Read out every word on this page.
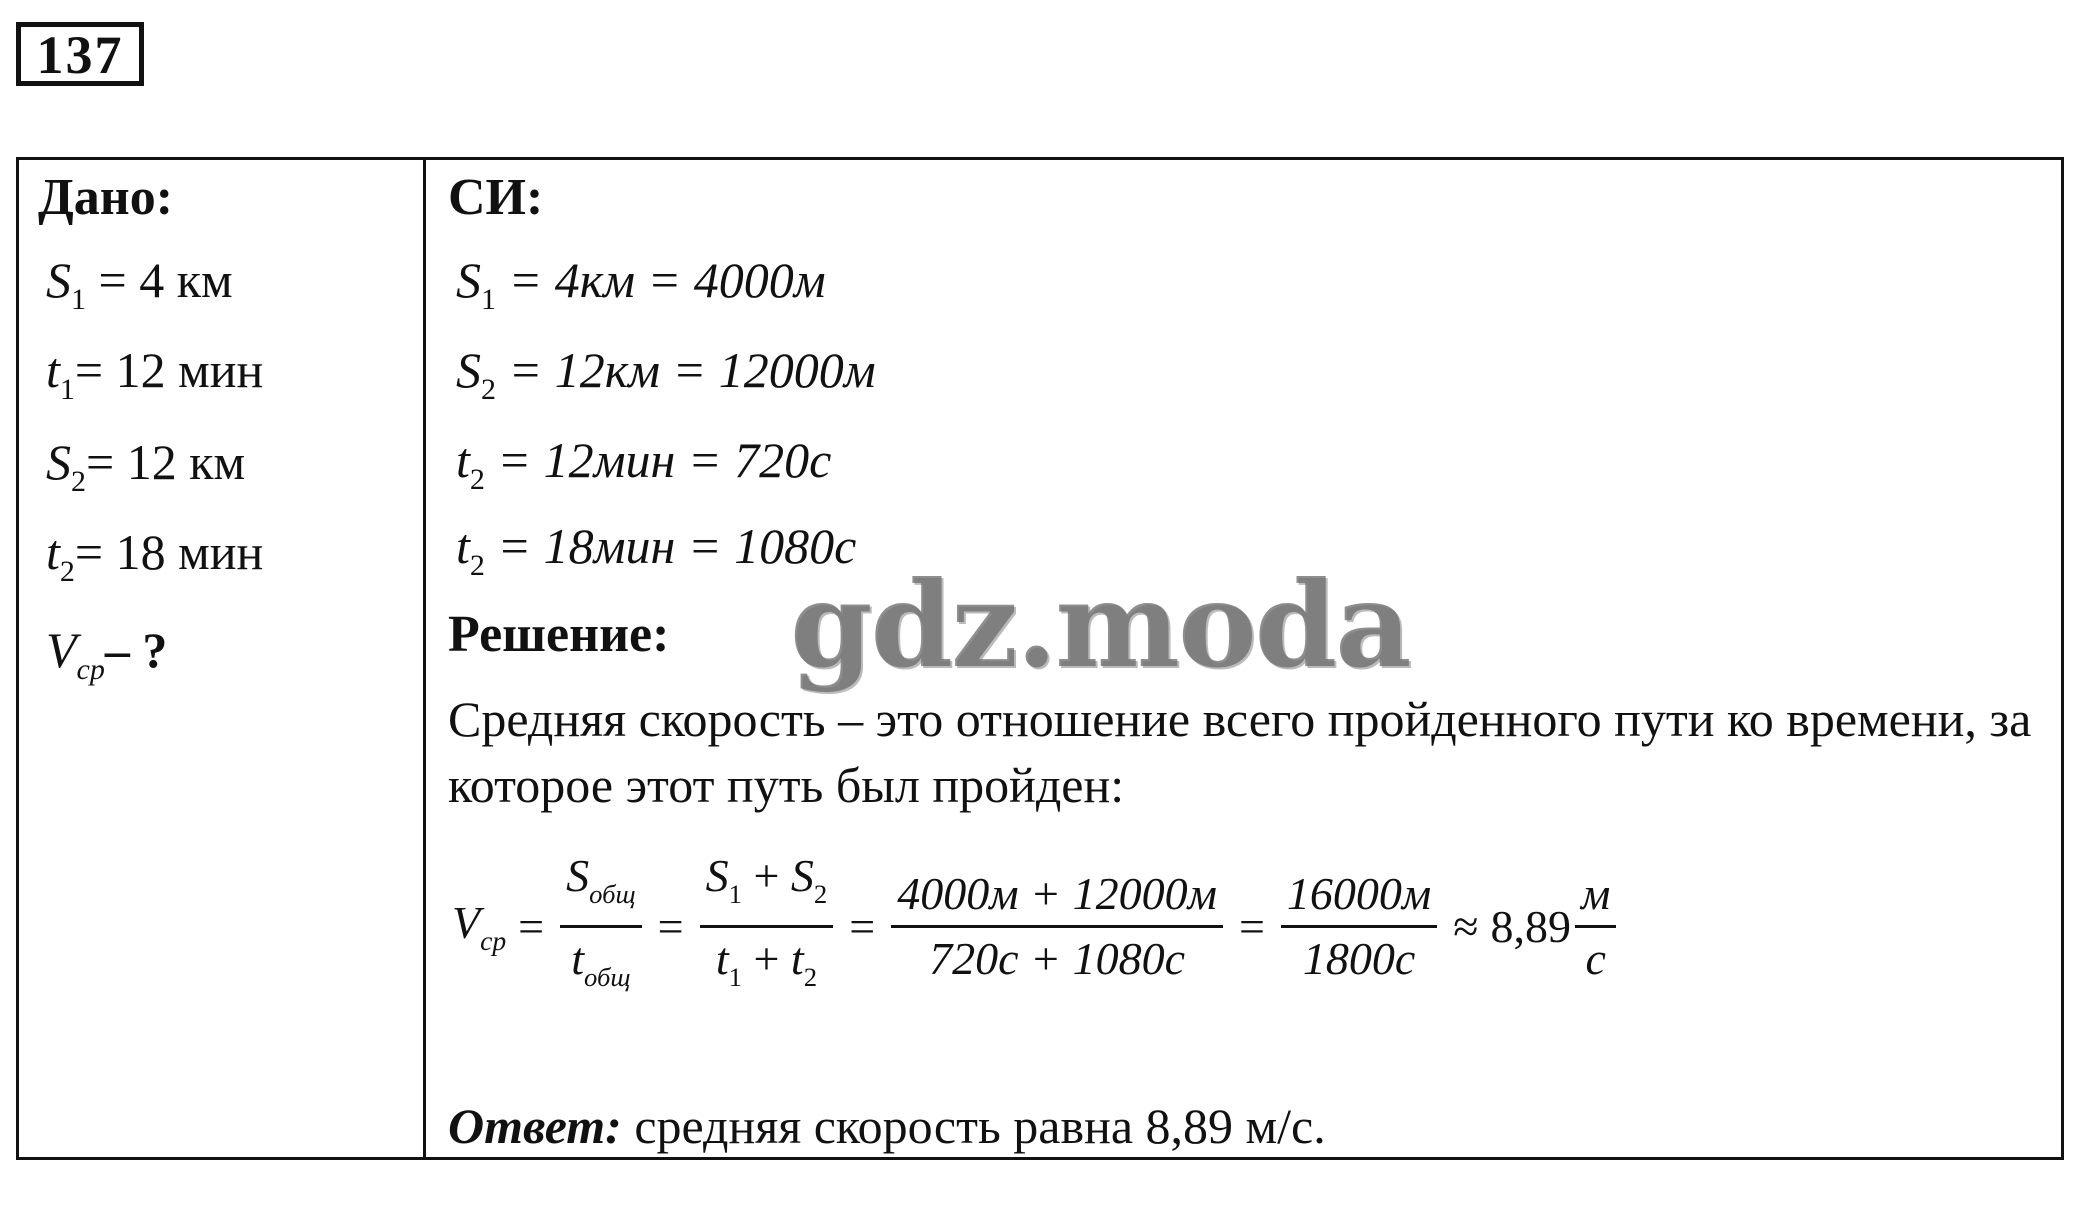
137
Дано:
$S_1 = 4$ км
$t_1= 12$ мин
$S_2= 12$ км
$t_2= 18$ мин
$V_{ср}-$ ?
СИ:
$S_1 = 4км = 4000м$
$S_2 = 12км = 12000м$
$t_2 = 12мин = 720с$
$t_2 = 18мин = 1080с$
Решение:
Средняя скорость – это отношение всего пройденного пути ко времени, за которое этот путь был пройден:
$V_{ср} = \frac{S_{общ}}{t_{общ}} = \frac{S_1 + S_2}{t_1 + t_2} = \frac{4000м + 12000м}{720с + 1080с} = \frac{16000м}{1800с} \approx 8,89 \frac{м}{с}$
Ответ: средняя скорость равна 8,89 м/с.
gdz.moda
